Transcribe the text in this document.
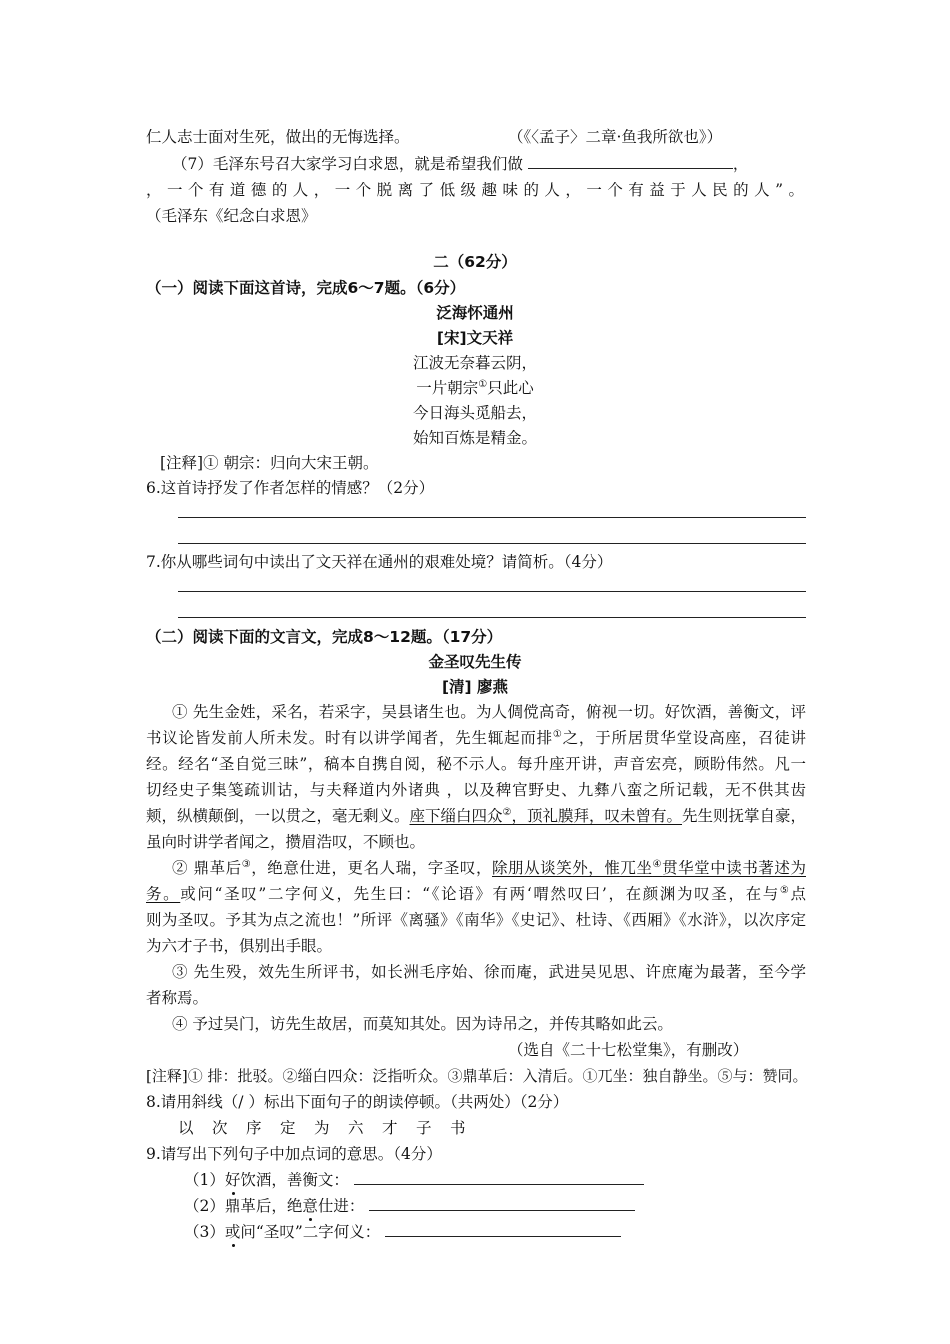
仁人志士面对生死，做出的无悔选择。	（《〈孟子〉二章·鱼我所欲也》）
（7）毛泽东号召大家学习白求恩，就是希望我们做	，
，一个有道德的人，一个脱离了低级趣味的人，一个有益于人民的人”。
（毛泽东《纪念白求恩》
二（62分）
（一）阅读下面这首诗，完成6～7题。（6分）
泛海怀通州
[宋]文天祥
江波无奈暮云阴，
一片朝宗①只此心
今日海头觅船去，
始知百炼是精金。
[注释]① 朝宗：归向大宋王朝。
6.这首诗抒发了作者怎样的情感？（2分）
7.你从哪些词句中读出了文天祥在通州的艰难处境？请简析。（4分）
（二）阅读下面的文言文，完成8～12题。（17分）
金圣叹先生传
[清] 廖燕
① 先生金姓，采名，若采字，吴县诸生也。为人倜傥高奇，俯视一切。好饮酒，善衡文，评
书议论皆发前人所未发。时有以讲学闻者，先生辄起而排①之，于所居贯华堂设高座，召徒讲
经。经名“圣自觉三昧”，稿本自携自阅，秘不示人。每升座开讲，声音宏亮，顾盼伟然。凡一
切经史子集笺疏训诂，与夫释道内外诸典 ，以及稗官野史、九彝八蛮之所记载，无不供其齿
颊，纵横颠倒，一以贯之，毫无剩义。座下缁白四众②，顶礼膜拜，叹未曾有。先生则抚掌自豪，
虽向时讲学者闻之，攒眉浩叹，不顾也。
② 鼎革后③，绝意仕进，更名人瑞，字圣叹，除朋从谈笑外，惟兀坐④贯华堂中读书著述为
务。或问“圣叹”二字何义，先生曰：“《论语》有两‘喟然叹曰’，在颜渊为叹圣，在与⑤点
则为圣叹。予其为点之流也！”所评《离骚》《南华》《史记》、杜诗、《西厢》《水浒》，以次序定
为六才子书，俱别出手眼。
③ 先生殁，效先生所评书，如长洲毛序始、徐而庵，武进吴见思、许庶庵为最著，至今学
者称焉。
④ 予过吴门，访先生故居，而莫知其处。因为诗吊之，并传其略如此云。
（选自《二十七松堂集》，有删改）
[注释]① 排：批驳。②缁白四众：泛指听众。③鼎革后：入清后。①兀坐：独自静坐。⑤与：赞同。
8.请用斜线（/ ）标出下面句子的朗读停顿。（共两处）（2分）
以 次 序 定 为 六 才 子 书
9.请写出下列句子中加点词的意思。（4分）
（1）好饮酒，善衡文：
（2）鼎革后，绝意仕进：
（3）或问“圣叹”二字何义：
